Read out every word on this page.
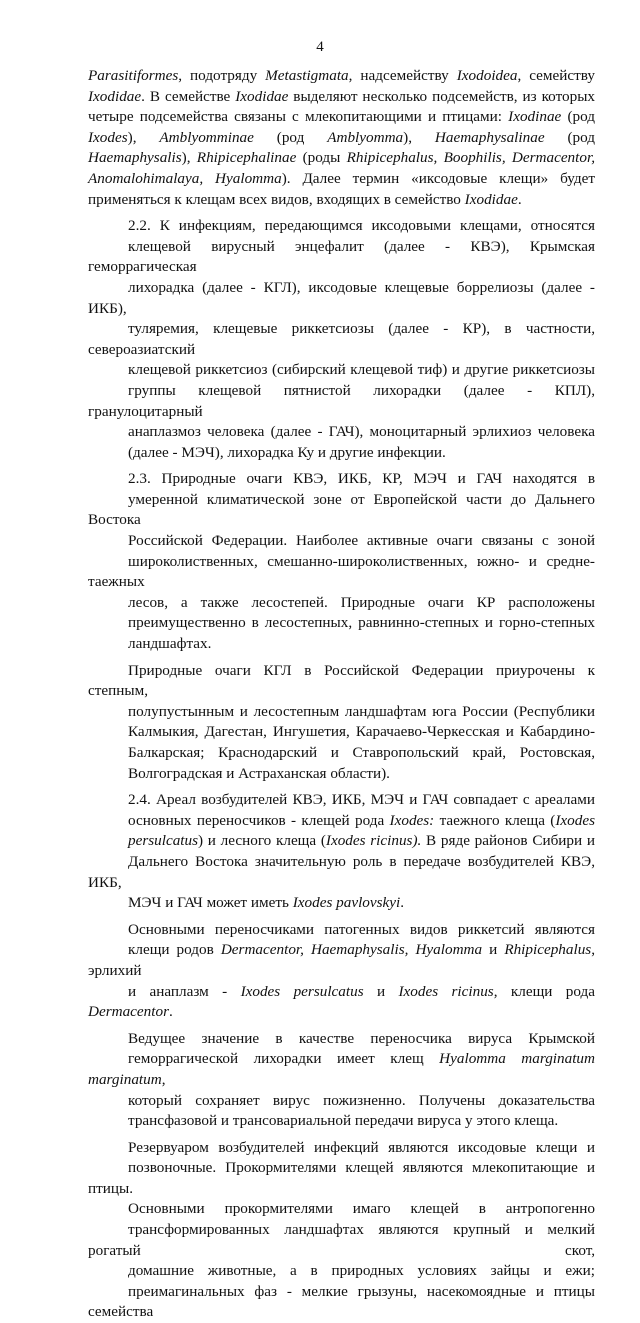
4

Parasitiformes, подотряду Metastigmata, надсемейству Ixodoidea, семейству
Ixodidae. В семействе Ixodidae выделяют несколько подсемейств, из которых
четыре подсемейства связаны с млекопитающими и птицами: Ixodinae (род
Ixodes), Amblyomminae (род Amblyomma), Haemaphysalinae (род
Haemaphysalis), Rhipicephalinae (роды Rhipicephalus, Boophilis, Dermacentor,
Anomalohimalaya, Hyalomma). Далее термин «иксодовые клещи» будет
применяться к клещам всех видов, входящих в семейство Ixodidae.

2.2. К инфекциям, передающимся иксодовыми клещами, относятся
клещевой вирусный энцефалит (далее - КВЭ), Крымская геморрагическая
лихорадка (далее - КГЛ), иксодовые клещевые боррелиозы (далее - ИКБ),
туляремия, клещевые риккетсиозы (далее - КР), в частности, североазиатский
клещевой риккетсиоз (сибирский клещевой тиф) и другие риккетсиозы
группы клещевой пятнистой лихорадки (далее - КПЛ), гранулоцитарный
анаплазмоз человека (далее - ГАЧ), моноцитарный эрлихиоз человека
(далее - МЭЧ), лихорадка Ку и другие инфекции.

2.3. Природные очаги КВЭ, ИКБ, КР, МЭЧ и ГАЧ находятся в
умеренной климатической зоне от Европейской части до Дальнего Востока
Российской Федерации. Наиболее активные очаги связаны с зоной
широколиственных, смешанно-широколиственных, южно- и средне-таежных
лесов, а также лесостепей. Природные очаги КР расположены
преимущественно в лесостепных, равнинно-степных и горно-степных
ландшафтах.

Природные очаги КГЛ в Российской Федерации приурочены к степным,
полупустынным и лесостепным ландшафтам юга России (Республики
Калмыкия, Дагестан, Ингушетия, Карачаево-Черкесская и Кабардино-
Балкарская; Краснодарский и Ставропольский край, Ростовская,
Волгоградская и Астраханская области).

2.4. Ареал возбудителей КВЭ, ИКБ, МЭЧ и ГАЧ совпадает с ареалами
основных переносчиков - клещей рода Ixodes: таежного клеща (Ixodes
persulcatus) и лесного клеща (Ixodes ricinus). В ряде районов Сибири и
Дальнего Востока значительную роль в передаче возбудителей КВЭ, ИКБ,
МЭЧ и ГАЧ может иметь Ixodes pavlovskyi.

Основными переносчиками патогенных видов риккетсий являются
клещи родов Dermacentor, Haemaphysalis, Hyalomma и Rhipicephalus, эрлихий
и анаплазм - Ixodes persulcatus и Ixodes ricinus, клещи рода Dermacentor.

Ведущее значение в качестве переносчика вируса Крымской
геморрагической лихорадки имеет клещ Hyalomma marginatum marginatum,
который сохраняет вирус пожизненно. Получены доказательства
трансфазовой и трансовариальной передачи вируса у этого клеща.

Резервуаром возбудителей инфекций являются иксодовые клещи и
позвоночные. Прокормителями клещей являются млекопитающие и птицы.
Основными прокормителями имаго клещей в антропогенно
трансформированных ландшафтах являются крупный и мелкий рогатый скот,
домашние животные, а в природных условиях зайцы и ежи;
преимагинальных фаз - мелкие грызуны, насекомоядные и птицы семейства
